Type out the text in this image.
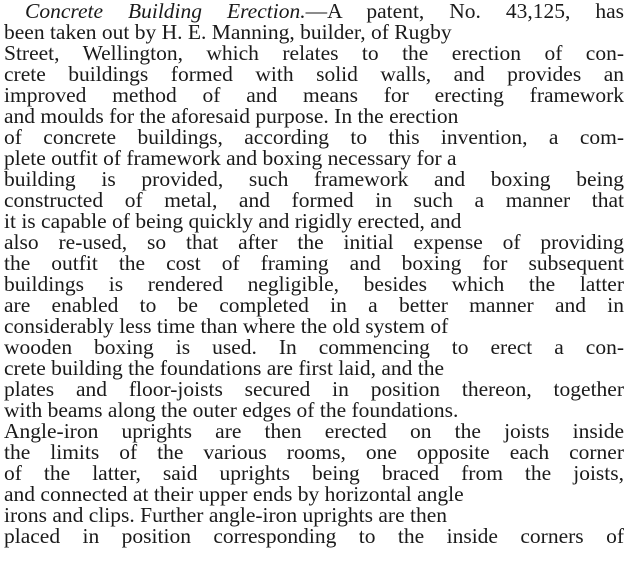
Concrete Building Erection.—A patent, No. 43,125, has
been taken out by H. E. Manning, builder, of Rugby
Street, Wellington, which relates to the erection of con-
crete buildings formed with solid walls, and provides an
improved method of and means for erecting framework
and moulds for the aforesaid purpose. In the erection
of concrete buildings, according to this invention, a com-
plete outfit of framework and boxing necessary for a
building is provided, such framework and boxing being
constructed of metal, and formed in such a manner that
it is capable of being quickly and rigidly erected, and
also re-used, so that after the initial expense of providing
the outfit the cost of framing and boxing for subsequent
buildings is rendered negligible, besides which the latter
are enabled to be completed in a better manner and in
considerably less time than where the old system of
wooden boxing is used. In commencing to erect a con-
crete building the foundations are first laid, and the
plates and floor-joists secured in position thereon, together
with beams along the outer edges of the foundations.
Angle-iron uprights are then erected on the joists inside
the limits of the various rooms, one opposite each corner
of the latter, said uprights being braced from the joists,
and connected at their upper ends by horizontal angle
irons and clips. Further angle-iron uprights are then
placed in position corresponding to the inside corners of
